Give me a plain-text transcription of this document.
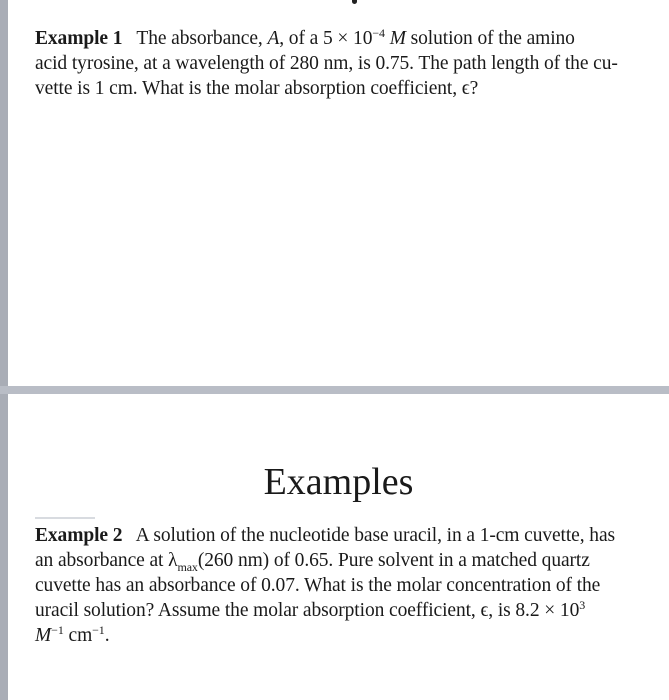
Example 1 The absorbance, A, of a $5 \times 10^{-4}$ M solution of the amino
acid tyrosine, at a wavelength of 280 nm, is 0.75. The path length of the cu-
vette is 1 cm. What is the molar absorption coefficient, ϵ?

Examples

Example 2 A solution of the nucleotide base uracil, in a 1-cm cuvette, has
an absorbance at $\lambda_{max}(260$ nm) of 0.65. Pure solvent in a matched quartz
cuvette has an absorbance of 0.07. What is the molar concentration of the
uracil solution? Assume the molar absorption coefficient, ϵ, is $8.2 \times 10^3$
$M^{-1}$ $cm^{-1}$.
